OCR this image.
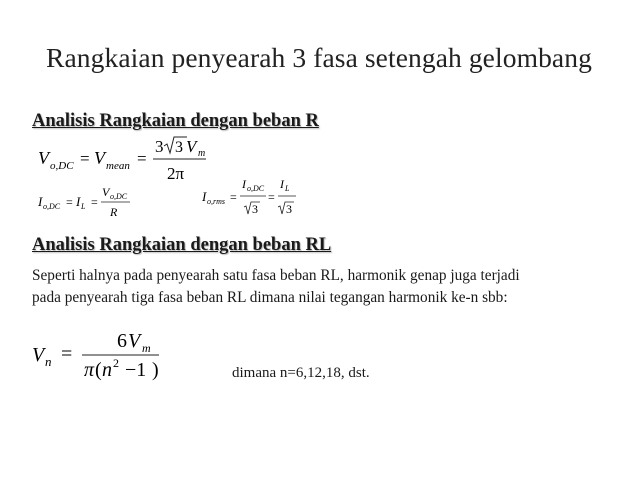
Rangkaian penyearah 3 fasa setengah gelombang
Analisis Rangkaian dengan beban R
V o,DC = V mean =
3 3 V m
2π
I o,DC = I L =
V o,DC
R
I o,rms =
I o,DC
3
=
I L
3
Analisis Rangkaian dengan beban RL

Seperti halnya pada penyearah satu fasa beban RL, harmonik genap juga terjadi

pada penyearah tiga fasa beban RL dimana nilai tegangan harmonik ke-n sbb:

V n =
6 V m
π ( n 2 −1 )	dimana n=6,12,18, dst.
